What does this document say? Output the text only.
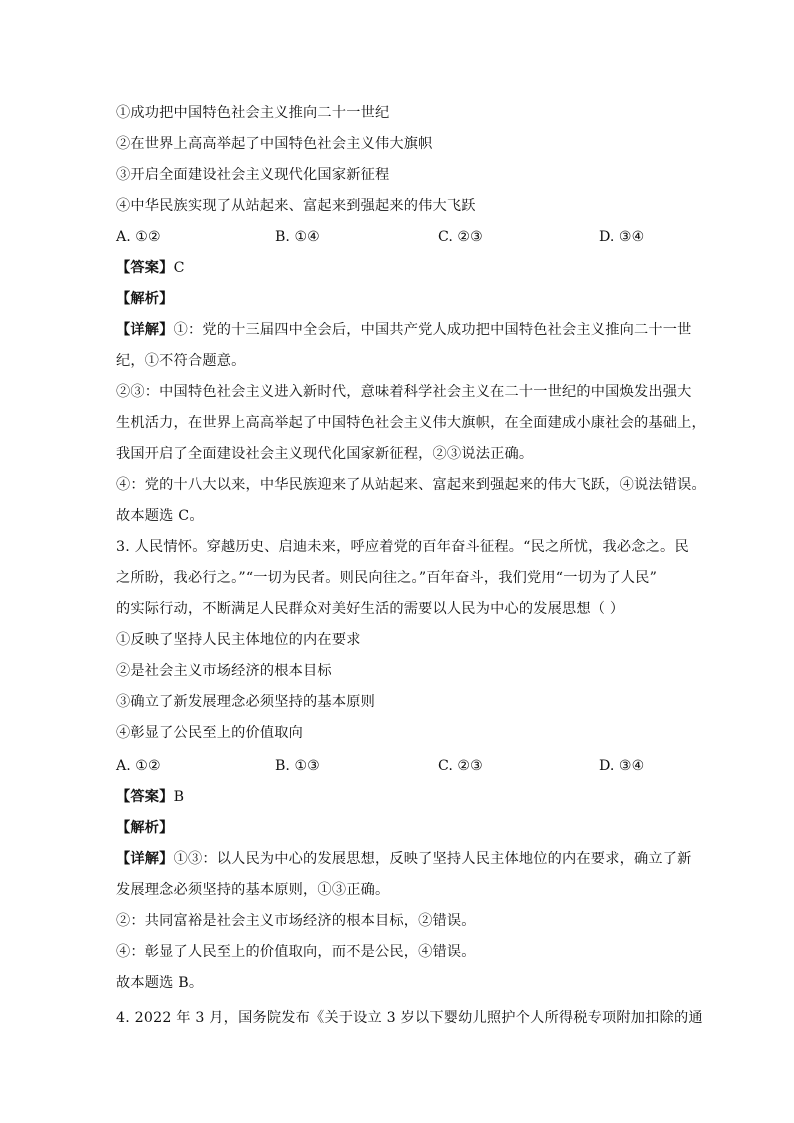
①成功把中国特色社会主义推向二十一世纪
②在世界上高高举起了中国特色社会主义伟大旗帜
③开启全面建设社会主义现代化国家新征程
④中华民族实现了从站起来、富起来到强起来的伟大飞跃
A. ①②	B. ①④	C. ②③	D. ③④
【答案】C
【解析】
【详解】①：党的十三届四中全会后，中国共产党人成功把中国特色社会主义推向二十一世
纪，①不符合题意。
②③：中国特色社会主义进入新时代，意味着科学社会主义在二十一世纪的中国焕发出强大
生机活力，在世界上高高举起了中国特色社会主义伟大旗帜，在全面建成小康社会的基础上，
我国开启了全面建设社会主义现代化国家新征程，②③说法正确。
④：党的十八大以来，中华民族迎来了从站起来、富起来到强起来的伟大飞跃，④说法错误。
故本题选 C。
3. 人民情怀。穿越历史、启迪未来，呼应着党的百年奋斗征程。“民之所忧，我必念之。民
之所盼，我必行之。”“一切为民者。则民向往之。”百年奋斗，我们党用“一切为了人民”
的实际行动，不断满足人民群众对美好生活的需要以人民为中心的发展思想（ ）
①反映了坚持人民主体地位的内在要求
②是社会主义市场经济的根本目标
③确立了新发展理念必须坚持的基本原则
④彰显了公民至上的价值取向
A. ①②	B. ①③	C. ②③	D. ③④
【答案】B
【解析】
【详解】①③：以人民为中心的发展思想，反映了坚持人民主体地位的内在要求，确立了新
发展理念必须坚持的基本原则，①③正确。
②：共同富裕是社会主义市场经济的根本目标，②错误。
④：彰显了人民至上的价值取向，而不是公民，④错误。
故本题选 B。
4. 2022 年 3 月，国务院发布《关于设立 3 岁以下婴幼儿照护个人所得税专项附加扣除的通
